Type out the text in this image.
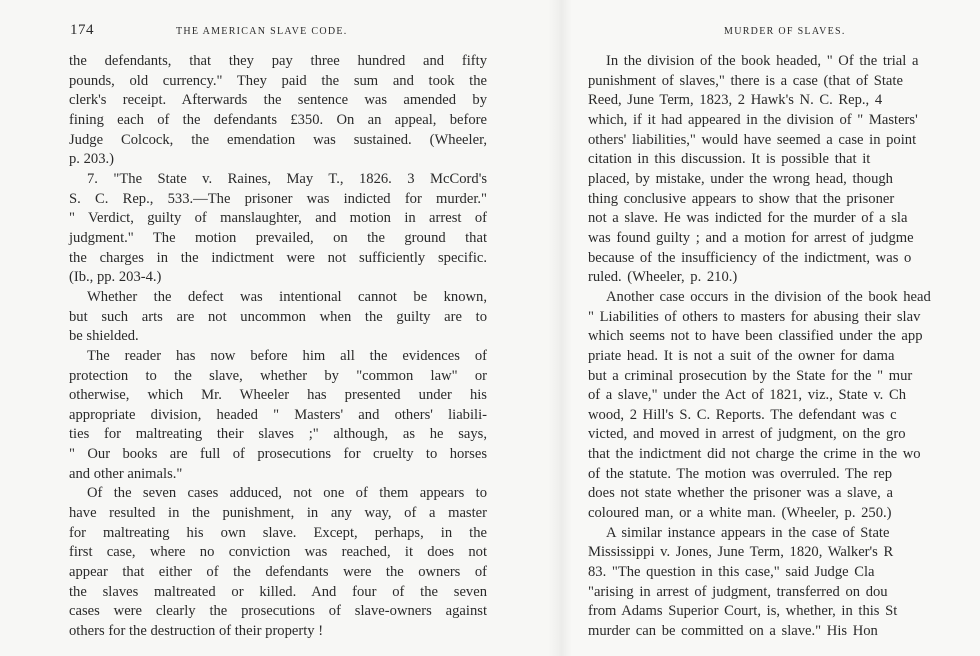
174	THE AMERICAN SLAVE CODE.
the defendants, that they pay three hundred and fifty
pounds, old currency." They paid the sum and took the
clerk's receipt. Afterwards the sentence was amended by
fining each of the defendants £350. On an appeal, before
Judge Colcock, the emendation was sustained. (Wheeler,
p. 203.)
7. "The State v. Raines, May T., 1826. 3 McCord's
S. C. Rep., 533.—The prisoner was indicted for murder."
" Verdict, guilty of manslaughter, and motion in arrest of
judgment." The motion prevailed, on the ground that
the charges in the indictment were not sufficiently specific.
(Ib., pp. 203-4.)
Whether the defect was intentional cannot be known,
but such arts are not uncommon when the guilty are to
be shielded.
The reader has now before him all the evidences of
protection to the slave, whether by "common law" or
otherwise, which Mr. Wheeler has presented under his
appropriate division, headed " Masters' and others' liabili-
ties for maltreating their slaves ;" although, as he says,
" Our books are full of prosecutions for cruelty to horses
and other animals."
Of the seven cases adduced, not one of them appears to
have resulted in the punishment, in any way, of a master
for maltreating his own slave. Except, perhaps, in the
first case, where no conviction was reached, it does not
appear that either of the defendants were the owners of
the slaves maltreated or killed. And four of the seven
cases were clearly the prosecutions of slave-owners against
others for the destruction of their property !
MURDER OF SLAVES.
In the division of the book headed, " Of the trial a
punishment of slaves," there is a case (that of State
Reed, June Term, 1823, 2 Hawk's N. C. Rep., 4
which, if it had appeared in the division of " Masters'
others' liabilities," would have seemed a case in point
citation in this discussion. It is possible that it
placed, by mistake, under the wrong head, though
thing conclusive appears to show that the prisoner
not a slave. He was indicted for the murder of a sla
was found guilty ; and a motion for arrest of judgme
because of the insufficiency of the indictment, was o
ruled. (Wheeler, p. 210.)
Another case occurs in the division of the book head
" Liabilities of others to masters for abusing their slav
which seems not to have been classified under the app
priate head. It is not a suit of the owner for dama
but a criminal prosecution by the State for the " mur
of a slave," under the Act of 1821, viz., State v. Ch
wood, 2 Hill's S. C. Reports. The defendant was c
victed, and moved in arrest of judgment, on the gro
that the indictment did not charge the crime in the wo
of the statute. The motion was overruled. The rep
does not state whether the prisoner was a slave, a
coloured man, or a white man. (Wheeler, p. 250.)
A similar instance appears in the case of State
Mississippi v. Jones, June Term, 1820, Walker's R
83. "The question in this case," said Judge Cla
"arising in arrest of judgment, transferred on dou
from Adams Superior Court, is, whether, in this St
murder can be committed on a slave." His Hon
